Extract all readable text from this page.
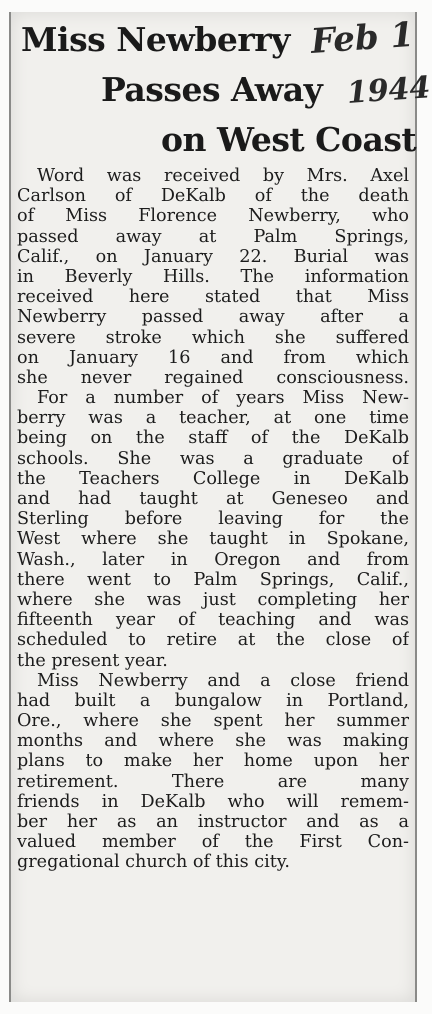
Miss Newberry
Passes Away
on West Coast
Feb 1
1944
Word was received by Mrs. Axel
Carlson of DeKalb of the death
of Miss Florence Newberry, who
passed away at Palm Springs,
Calif., on January 22. Burial was
in Beverly Hills. The information
received here stated that Miss
Newberry passed away after a
severe stroke which she suffered
on January 16 and from which
she never regained consciousness.
For a number of years Miss New-
berry was a teacher, at one time
being on the staff of the DeKalb
schools. She was a graduate of
the Teachers College in DeKalb
and had taught at Geneseo and
Sterling before leaving for the
West where she taught in Spokane,
Wash., later in Oregon and from
there went to Palm Springs, Calif.,
where she was just completing her
fifteenth year of teaching and was
scheduled to retire at the close of
the present year.
Miss Newberry and a close friend
had built a bungalow in Portland,
Ore., where she spent her summer
months and where she was making
plans to make her home upon her
retirement. There are many
friends in DeKalb who will remem-
ber her as an instructor and as a
valued member of the First Con-
gregational church of this city.
